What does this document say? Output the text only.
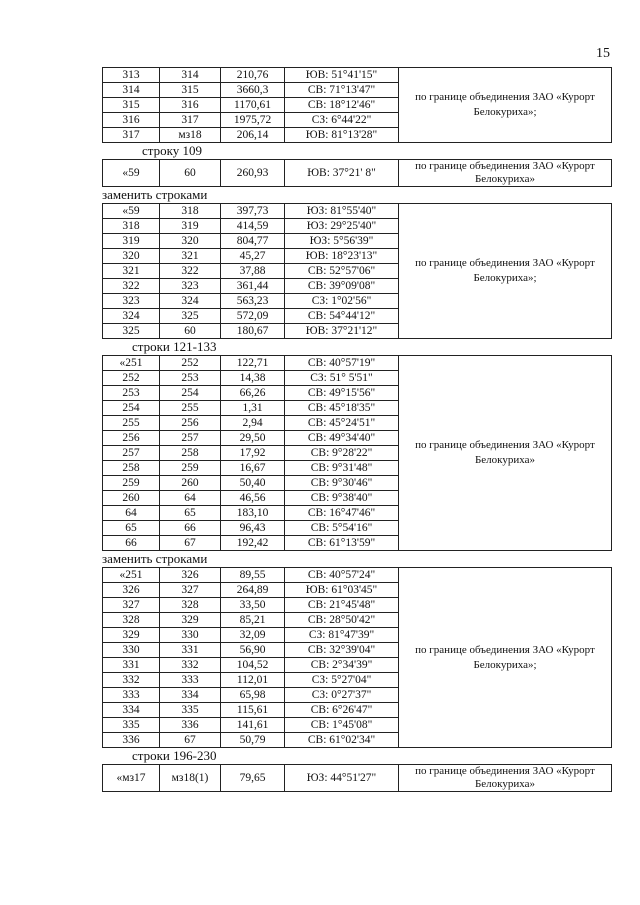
15
313	314	210,76	ЮВ: 51°41'15"	по границе объединения ЗАО «Курорт Белокуриха»;
314	315	3660,3	СВ: 71°13'47"	
315	316	1170,61	СВ: 18°12'46"	
316	317	1975,72	СЗ: 6°44'22"	
317	мз18	206,14	ЮВ: 81°13'28"	
строку 109
«59	60	260,93	ЮВ: 37°21' 8"	по границе объединения ЗАО «Курорт Белокуриха»
заменить строками
«59	318	397,73	ЮЗ: 81°55'40"	по границе объединения ЗАО «Курорт Белокуриха»;
318	319	414,59	ЮЗ: 29°25'40"	
319	320	804,77	ЮЗ: 5°56'39"	
320	321	45,27	ЮВ: 18°23'13"	
321	322	37,88	СВ: 52°57'06"	
322	323	361,44	СВ: 39°09'08"	
323	324	563,23	СЗ: 1°02'56"	
324	325	572,09	СВ: 54°44'12"	
325	60	180,67	ЮВ: 37°21'12"	
строки 121-133
«251	252	122,71	СВ: 40°57'19"	по границе объединения ЗАО «Курорт Белокуриха»
252	253	14,38	СЗ: 51° 5'51"	
253	254	66,26	СВ: 49°15'56"	
254	255	1,31	СВ: 45°18'35"	
255	256	2,94	СВ: 45°24'51"	
256	257	29,50	СВ: 49°34'40"	
257	258	17,92	СВ: 9°28'22"	
258	259	16,67	СВ: 9°31'48"	
259	260	50,40	СВ: 9°30'46"	
260	64	46,56	СВ: 9°38'40"	
64	65	183,10	СВ: 16°47'46"	
65	66	96,43	СВ: 5°54'16"	
66	67	192,42	СВ: 61°13'59"	
заменить строками
«251	326	89,55	СВ: 40°57'24"	по границе объединения ЗАО «Курорт Белокуриха»;
326	327	264,89	ЮВ: 61°03'45"	
327	328	33,50	СВ: 21°45'48"	
328	329	85,21	СВ: 28°50'42"	
329	330	32,09	СЗ: 81°47'39"	
330	331	56,90	СВ: 32°39'04"	
331	332	104,52	СВ: 2°34'39"	
332	333	112,01	СЗ: 5°27'04"	
333	334	65,98	СЗ: 0°27'37"	
334	335	115,61	СВ: 6°26'47"	
335	336	141,61	СВ: 1°45'08"	
336	67	50,79	СВ: 61°02'34"	
строки 196-230
«мз17	мз18(1)	79,65	ЮЗ: 44°51'27"	по границе объединения ЗАО «Курорт Белокуриха»
